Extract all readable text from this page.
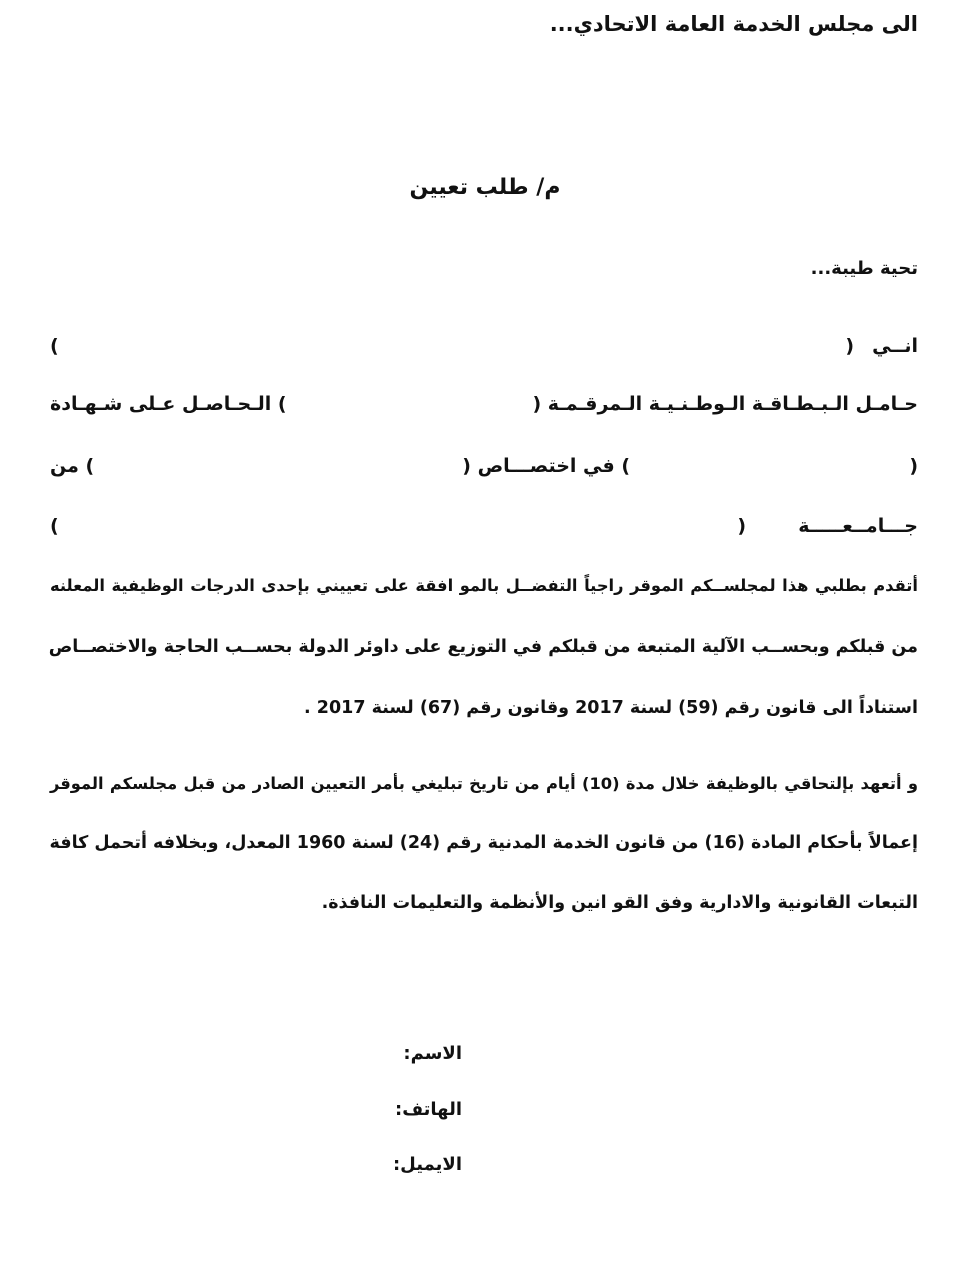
الى مجلس الخدمة العامة الاتحادي...
م/ طلب تعيين
تحية طيبة...
انــي
(
)
حـامـل الـبـطـاقـة الـوطـنـيـة الـمرقـمـة (
) الـحـاصـل عـلى شـهـادة
(
) في اختصـــاص (
) من
جـــامــعـــــة
(
)
أتقدم بطلبي هذا لمجلســكم الموقر راجياً التفضــل بالمو افقة على تعييني بإحدى الدرجات الوظيفية المعلنه
من قبلكم وبحســب الآلية المتبعة من قبلكم في التوزيع على داوئر الدولة بحســب الحاجة والاختصــاص
استناداً الى قانون رقم (59) لسنة 2017 وقانون رقم (67) لسنة 2017 .
و أتعهد بإلتحاقي بالوظيفة خلال مدة (10) أيام من تاريخ تبليغي بأمر التعيين الصادر من قبل مجلسكم الموقر
إعمالاً بأحكام المادة (16) من قانون الخدمة المدنية رقم (24) لسنة 1960 المعدل، وبخلافه أتحمل كافة
التبعات القانونية والادارية وفق القو انين والأنظمة والتعليمات النافذة.
الاسم:
الهاتف:
الايميل:
